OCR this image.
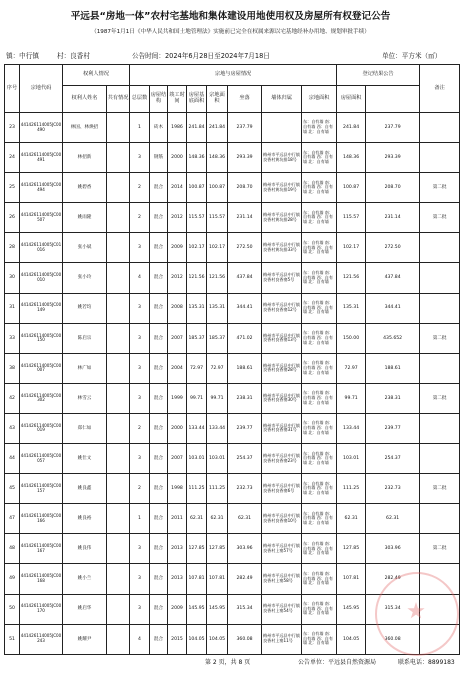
平远县“房地一体”农村宅基地和集体建设用地使用权及房屋所有权登记公告
（1987年1月1日《中华人民共和国土地管理法》实施前已完全在权属来源以宅基地经补办用地、规划审批手续）
镇：中行镇	村：良香村	公告时间：2024年6月28日至2024年7月18日	单位：平方米（㎡）
序号	宗地代码	权利人情况		宗地与房屋情况								登记结果公告		备注
		权利人姓名	共有情况	总层数	房屋结构	竣工时间	房屋基底面积	宗地面积	坐落	墙体归属	宗地面积	房屋面积		
23	441426114005JC00490	林国、林焕招		1	砖木	1986	241.84	241.84	237.79		东：自有墙 南：自有墙 西：自有墙 北：自有墙	241.84	237.79	
24	441426114005JC00491	林招新		3	钢筋	2000	148.36	148.36	293.39	梅州市平远县中行镇良香村黄坑排18号	东：自有墙 南：自有墙 西：自有墙 北：自有墙	148.36	293.39	
25	441426114005JC00494	姚碧香		2	混合	2014	100.87	100.87	208.70	梅州市平远县中行镇良香村黄坑排19号	东：自有墙 南：自有墙 西：自有墙 北：自有墙	100.87	208.70	第二批
26	441426114005JC00507	姚雨隆		2	混合	2012	115.57	115.57	231.14	梅州市平远县中行镇良香村黄坑排28号	东：自有墙 南：自有墙 西：自有墙 北：自有墙	115.57	231.14	第二批
28	441426114005JC01016	张小斌		3	混合	2009	102.17	102.17	272.50	梅州市平远县中行镇良香村黄坑排33号	东：自有墙 南：自有墙 西：自有墙 北：自有墙	102.17	272.50	
30	441426114005JC00010	张小玲		4	混合	2012	121.56	121.56	437.84	梅州市平远县中行镇良香村良香寨5号	东：自有墙 南：自有墙 西：自有墙 北：自有墙	121.56	437.84	
31	441426114005JC00149	姚若均		3	混合	2008	135.31	135.31	344.41	梅州市平远县中行镇良香村良香寨12号	东：自有墙 南：自有墙 西：自有墙 北：自有墙	135.31	344.41	
33	441426114005JC00150	陈启宗		3	混合	2007	185.37	185.37	471.02	梅州市平远县中行镇良香村良香寨13号	东：自有墙 南：自有墙 西：自有墙 北：自有墙	150.00	435.652	第二批
38	441426114005JC00007	林广如		3	混合	2004	72.97	72.97	188.61	梅州市平远县中行镇良香村良香寨28号	东：自有墙 南：自有墙 西：自有墙 北：自有墙	72.97	188.61	
42	441426114005JC00302	林雪云		3	混合	1999	99.71	99.71	238.31	梅州市平远县中行镇良香村良香寨30号	东：自有墙 南：自有墙 西：自有墙 北：自有墙	99.71	238.31	第二批
43	441426114005JC00019	郑仁如		2	混合	2000	133.44	133.44	239.77	梅州市平远县中行镇良香村良香寨31号	东：自有墙 南：自有墙 西：自有墙 北：自有墙	133.44	239.77	
44	441426114005JC00057	姚仕文		3	混合	2007	103.01	103.01	254.37	梅州市平远县中行镇良香村良香寨23号	东：自有墙 南：自有墙 西：自有墙 北：自有墙	103.01	254.37	
45	441426114005JC00157	姚良鑫		2	混合	1998	111.25	111.25	232.73	梅州市平远县中行镇良香村良香寨6号	东：自有墙 南：自有墙 西：自有墙 北：自有墙	111.25	232.73	第二批
47	441426114005JC00166	姚良裕		1	混合	2011	62.31	62.31	62.31	梅州市平远县中行镇良香村良香寨10号	东：自有墙 南：自有墙 西：自有墙 北：自有墙	62.31	62.31	
48	441426114005JC00167	姚良伟		3	混合	2013	127.85	127.85	303.96	梅州市平远县中行镇良香村上寨57号	东：自有墙 南：自有墙 西：自有墙 北：自有墙	127.85	303.96	第二批
49	441426114005JC00168	姚小兰		3	混合	2013	107.81	107.81	282.49	梅州市平远县中行镇良香村上寨58号	东：自有墙 南：自有墙 西：自有墙 北：自有墙	107.81	282.49	
50	441426114005JC00170	姚启华		3	混合	2009	145.95	145.95	315.34	梅州市平远县中行镇良香村上寨54号	东：自有墙 南：自有墙 西：自有墙 北：自有墙	145.95	315.34	
51	441426114005JC00243	姚耀尹		4	混合	2015	104.05	104.05	360.08	梅州市平远县中行镇良香村上寨11号	东：自有墙 南：自有墙 西：自有墙 北：自有墙	104.05	360.08	
第 2 页，共 8 页	公告单位：平远县自然资源局	联系电话：8899183
